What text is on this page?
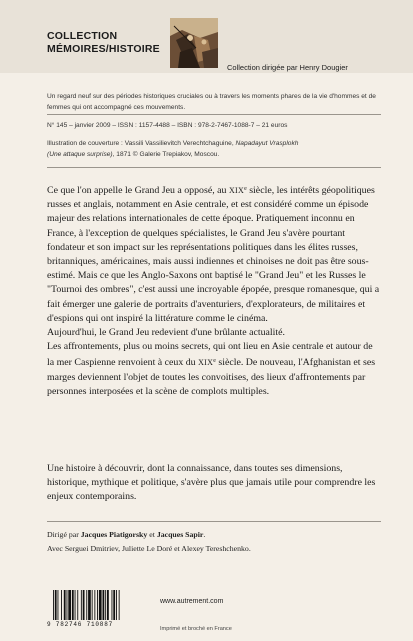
COLLECTION
MÉMOIRES/HISTOIRE
Collection dirigée par Henry Dougier
Un regard neuf sur des périodes historiques cruciales ou à travers les moments phares de la vie d'hommes et de femmes qui ont accompagné ces mouvements.
N° 145 – janvier 2009 – ISSN : 1157-4488 – ISBN : 978-2-7467-1088-7 – 21 euros
Illustration de couverture : Vassili Vassilievitch Verechtchaguine, Napadayut Vrasplokh
(Une attaque surprise), 1871 © Galerie Trepiakov, Moscou.

Ce que l'on appelle le Grand Jeu a opposé, au XIXe siècle, les intérêts géopolitiques russes et anglais, notamment en Asie centrale, et est considéré comme un épisode majeur des relations internationales de cette époque. Pratiquement inconnu en France, à l'exception de quelques spécialistes, le Grand Jeu s'avère pourtant fondateur et son impact sur les représentations politiques dans les élites russes, britanniques, américaines, mais aussi indiennes et chinoises ne doit pas être sous-estimé. Mais ce que les Anglo-Saxons ont baptisé le "Grand Jeu" et les Russes le "Tournoi des ombres", c'est aussi une incroyable épopée, presque romanesque, qui a fait émerger une galerie de portraits d'aventuriers, d'explorateurs, de militaires et d'espions qui ont inspiré la littérature comme le cinéma.

Aujourd'hui, le Grand Jeu redevient d'une brûlante actualité.

Les affrontements, plus ou moins secrets, qui ont lieu en Asie centrale et autour de la mer Caspienne renvoient à ceux du XIXe siècle. De nouveau, l'Afghanistan et ses marges deviennent l'objet de toutes les convoitises, des lieux d'affrontements par personnes interposées et la scène de complots multiples.

Une histoire à découvrir, dont la connaissance, dans toutes ses dimensions, historique, mythique et politique, s'avère plus que jamais utile pour comprendre les enjeux contemporains.

Dirigé par Jacques Piatigorsky et Jacques Sapir.
Avec Serguei Dmitriev, Juliette Le Doré et Alexey Tereshchenko.
9 782746 710887
www.autrement.com
Imprimé et broché en France
